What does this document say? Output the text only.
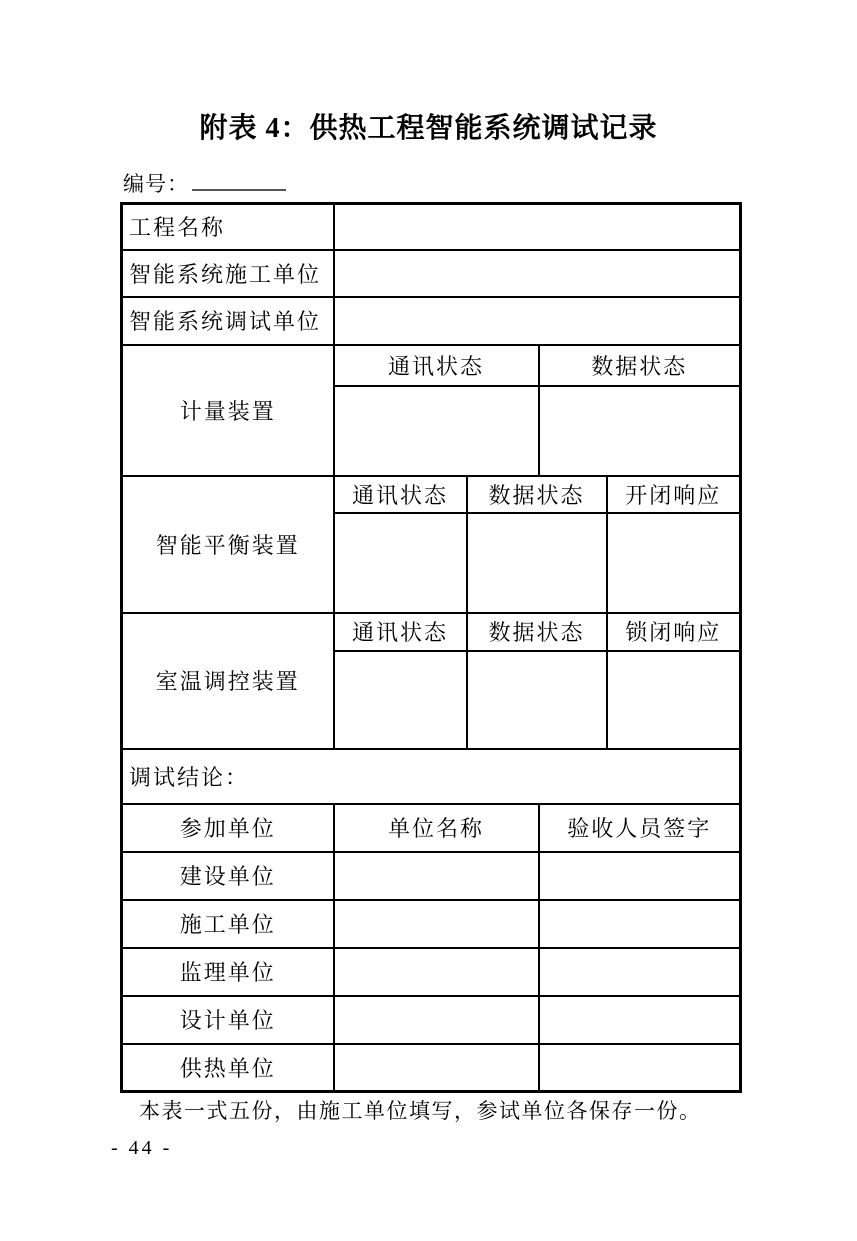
附表 4：供热工程智能系统调试记录
编号：
工程名称				
智能系统施工单位				
智能系统调试单位				
计量装置	通讯状态		数据状态	

智能平衡装置	通讯状态	数据状态		开闭响应

室温调控装置	通讯状态	数据状态		锁闭响应

调试结论：				
参加单位	单位名称		验收人员签字	
建设单位				
施工单位				
监理单位				
设计单位				
供热单位				
本表一式五份，由施工单位填写，参试单位各保存一份。
- 44 -
